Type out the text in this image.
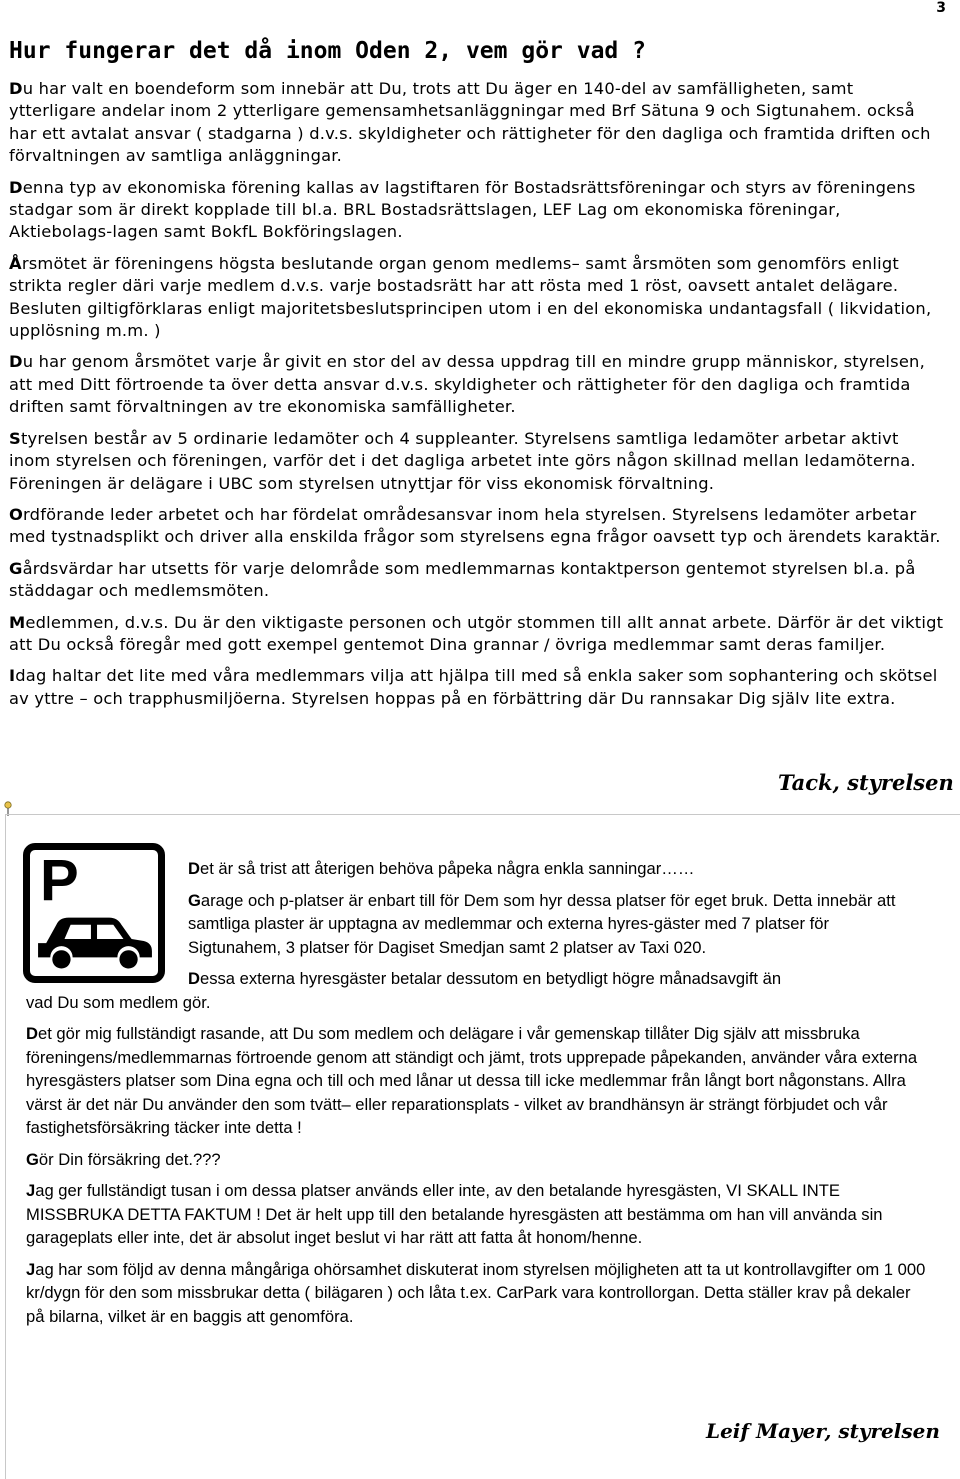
3
Hur fungerar det då inom Oden 2, vem gör vad ?

Du har valt en boendeform som innebär att Du, trots att Du äger en 140-del av samfälligheten, samt ytterligare andelar inom 2 ytterligare gemensamhetsanläggningar med Brf Sätuna 9 och Sigtunahem. också har ett avtalat ansvar ( stadgarna ) d.v.s. skyldigheter och rättigheter för den dagliga och framtida driften och förvaltningen av samtliga anläggningar.

Denna typ av ekonomiska förening kallas av lagstiftaren för Bostadsrättsföreningar och styrs av föreningens stadgar som är direkt kopplade till bl.a. BRL Bostadsrättslagen, LEF Lag om ekonomiska föreningar, Aktiebolags-lagen samt BokfL Bokföringslagen.

Årsmötet är föreningens högsta beslutande organ genom medlems– samt årsmöten som genomförs enligt strikta regler däri varje medlem d.v.s. varje bostadsrätt har att rösta med 1 röst, oavsett antalet delägare. Besluten giltigförklaras enligt majoritetsbeslutsprincipen utom i en del ekonomiska undantagsfall ( likvidation, upplösning m.m. )

Du har genom årsmötet varje år givit en stor del av dessa uppdrag till en mindre grupp människor, styrelsen, att med Ditt förtroende ta över detta ansvar d.v.s. skyldigheter och rättigheter för den dagliga och framtida driften samt förvaltningen av tre ekonomiska samfälligheter.

Styrelsen består av 5 ordinarie ledamöter och 4 suppleanter. Styrelsens samtliga ledamöter arbetar aktivt inom styrelsen och föreningen, varför det i det dagliga arbetet inte görs någon skillnad mellan ledamöterna. Föreningen är delägare i UBC som styrelsen utnyttjar för viss ekonomisk förvaltning.

Ordförande leder arbetet och har fördelat områdesansvar inom hela styrelsen. Styrelsens ledamöter arbetar med tystnadsplikt och driver alla enskilda frågor som styrelsens egna frågor oavsett typ och ärendets karaktär.

Gårdsvärdar har utsetts för varje delområde som medlemmarnas kontaktperson gentemot styrelsen bl.a. på städdagar och medlemsmöten.

Medlemmen, d.v.s. Du är den viktigaste personen och utgör stommen till allt annat arbete. Därför är det viktigt att Du också föregår med gott exempel gentemot Dina grannar / övriga medlemmar samt deras familjer.

Idag haltar det lite med våra medlemmars vilja att hjälpa till med så enkla saker som sophantering och skötsel av yttre – och trapphusmiljöerna. Styrelsen hoppas på en förbättring där Du rannsakar Dig själv lite extra.

Tack, styrelsen
P	Det är så trist att återigen behöva påpeka några enkla sanningar……

Garage och p-platser är enbart till för Dem som hyr dessa platser för eget bruk. Detta innebär att samtliga plaster är upptagna av medlemmar och externa hyres-gäster med 7 platser för Sigtunahem, 3 platser för Dagiset Smedjan samt 2 platser av Taxi 020.

Dessa externa hyresgäster betalar dessutom en betydligt högre månadsavgift än
vad Du som medlem gör.

Det gör mig fullständigt rasande, att Du som medlem och delägare i vår gemenskap tillåter Dig själv att missbruka föreningens/medlemmarnas förtroende genom att ständigt och jämt, trots upprepade påpekanden, använder våra externa hyresgästers platser som Dina egna och till och med lånar ut dessa till icke medlemmar från långt bort någonstans. Allra värst är det när Du använder den som tvätt– eller reparationsplats - vilket av brandhänsyn är strängt förbjudet och vår fastighetsförsäkring täcker inte detta !

Gör Din försäkring det.???

Jag ger fullständigt tusan i om dessa platser används eller inte, av den betalande hyresgästen, VI SKALL INTE MISSBRUKA DETTA FAKTUM ! Det är helt upp till den betalande hyresgästen att bestämma om han vill använda sin garageplats eller inte, det är absolut inget beslut vi har rätt att fatta åt honom/henne.

Jag har som följd av denna mångåriga ohörsamhet diskuterat inom styrelsen möjligheten att ta ut kontrollavgifter om 1 000 kr/dygn för den som missbrukar detta ( bilägaren ) och låta t.ex. CarPark vara kontrollorgan. Detta ställer krav på dekaler på bilarna, vilket är en baggis att genomföra.

Leif Mayer, styrelsen
